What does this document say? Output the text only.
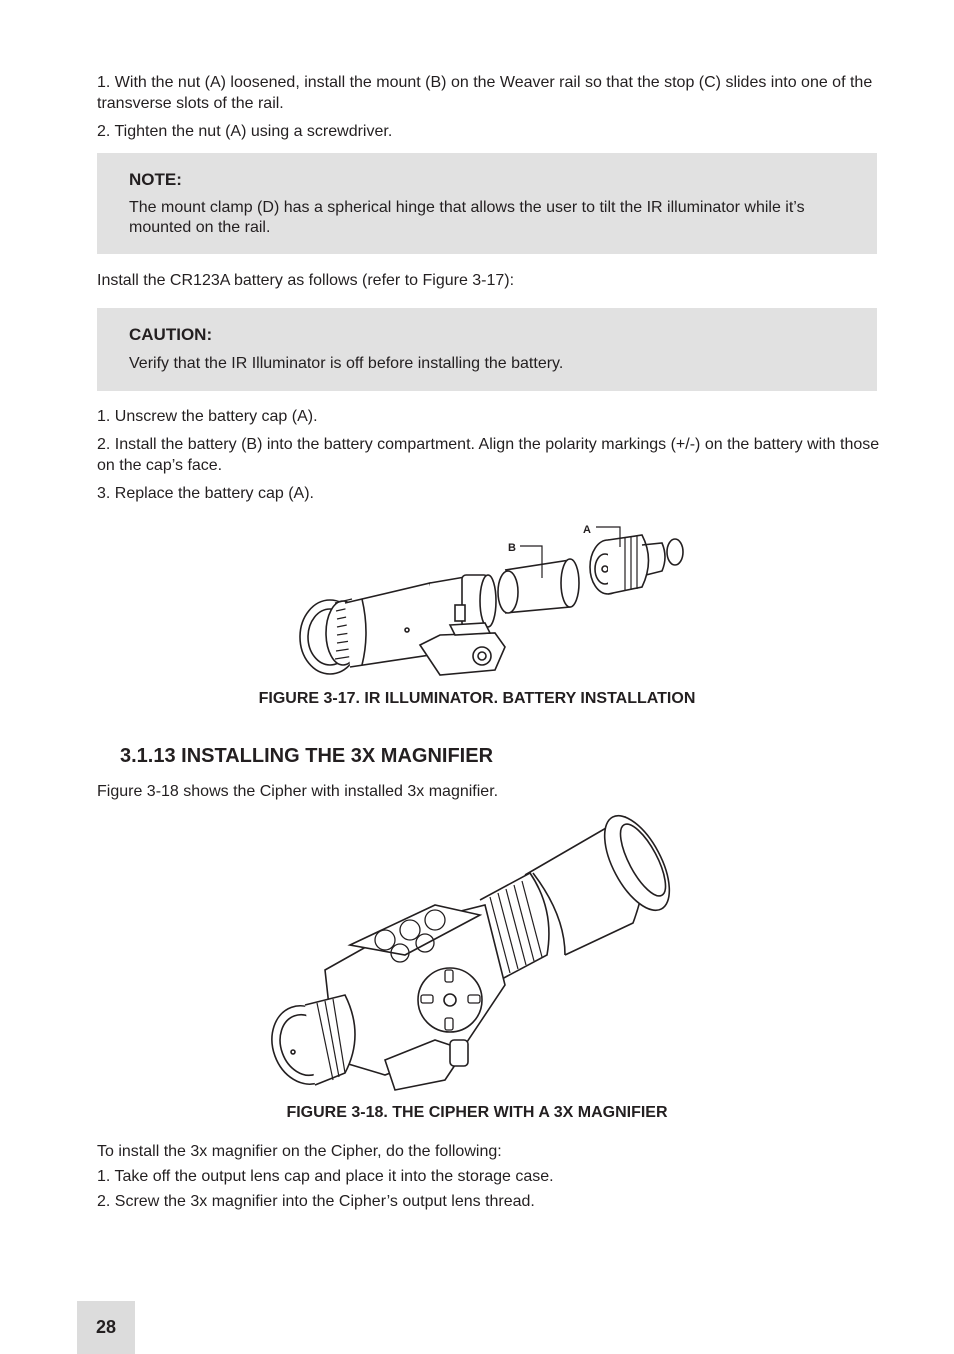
1. With the nut (A) loosened, install the mount (B) on the Weaver rail so that the stop (C) slides into one of the transverse slots of the rail.
2. Tighten the nut (A) using a screwdriver.
NOTE:
The mount clamp (D) has a spherical hinge that allows the user to tilt the IR illuminator while it’s mounted on the rail.
Install the CR123A battery as follows (refer to Figure 3-17):
CAUTION:
Verify that the IR Illuminator is off before installing the battery.
1. Unscrew the battery cap (A).
2. Install the battery (B) into the battery compartment. Align the polarity markings (+/-) on the battery with those on the cap’s face.
3. Replace the battery cap (A).
B
A
FIGURE 3-17. IR ILLUMINATOR. BATTERY INSTALLATION
3.1.13 INSTALLING THE 3X MAGNIFIER
Figure 3-18 shows the Cipher with installed 3x magnifier.
FIGURE 3-18. THE CIPHER WITH A 3X MAGNIFIER
To install the 3x magnifier on the Cipher, do the following:
1. Take off the output lens cap and place it into the storage case.
2. Screw the 3x magnifier into the Cipher’s output lens thread.
28
